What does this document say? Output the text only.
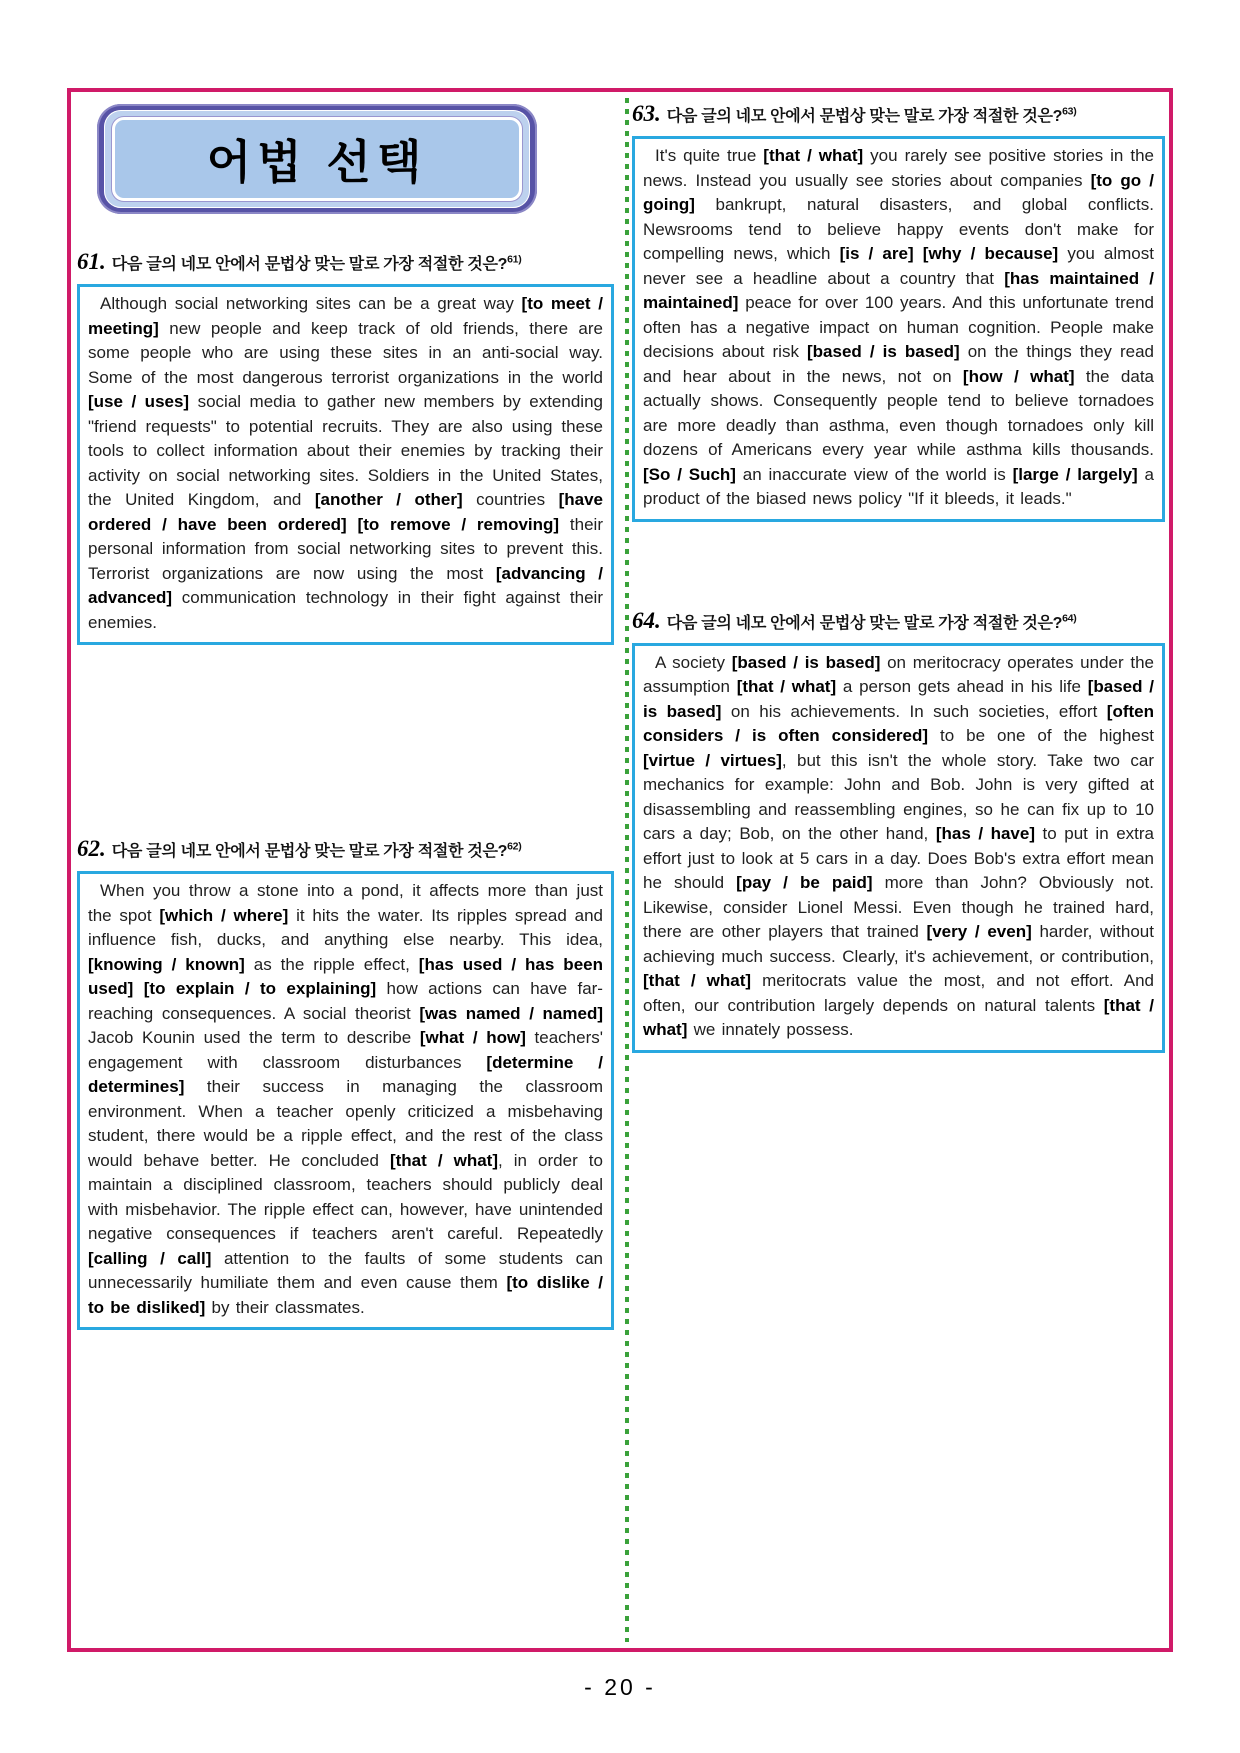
어법 선택
61. 다음 글의 네모 안에서 문법상 맞는 말로 가장 적절한 것은?$^{61)}$

Although social networking sites can be a great way [to meet / meeting] new people and keep track of old friends, there are some people who are using these sites in an anti-social way. Some of the most dangerous terrorist organizations in the world [use / uses] social media to gather new members by extending "friend requests" to potential recruits. They are also using these tools to collect information about their enemies by tracking their activity on social networking sites. Soldiers in the United States, the United Kingdom, and [another / other] countries [have ordered / have been ordered] [to remove / removing] their personal information from social networking sites to prevent this. Terrorist organizations are now using the most [advancing / advanced] communication technology in their fight against their enemies.

62. 다음 글의 네모 안에서 문법상 맞는 말로 가장 적절한 것은?$^{62)}$

When you throw a stone into a pond, it affects more than just the spot [which / where] it hits the water. Its ripples spread and influence fish, ducks, and anything else nearby. This idea, [knowing / known] as the ripple effect, [has used / has been used] [to explain / to explaining] how actions can have far-reaching consequences. A social theorist [was named / named] Jacob Kounin used the term to describe [what / how] teachers' engagement with classroom disturbances [determine / determines] their success in managing the classroom environment. When a teacher openly criticized a misbehaving student, there would be a ripple effect, and the rest of the class would behave better. He concluded [that / what], in order to maintain a disciplined classroom, teachers should publicly deal with misbehavior. The ripple effect can, however, have unintended negative consequences if teachers aren't careful. Repeatedly [calling / call] attention to the faults of some students can unnecessarily humiliate them and even cause them [to dislike / to be disliked] by their classmates.

63. 다음 글의 네모 안에서 문법상 맞는 말로 가장 적절한 것은?$^{63)}$

It's quite true [that / what] you rarely see positive stories in the news. Instead you usually see stories about companies [to go / going] bankrupt, natural disasters, and global conflicts. Newsrooms tend to believe happy events don't make for compelling news, which [is / are] [why / because] you almost never see a headline about a country that [has maintained / maintained] peace for over 100 years. And this unfortunate trend often has a negative impact on human cognition. People make decisions about risk [based / is based] on the things they read and hear about in the news, not on [how / what] the data actually shows. Consequently people tend to believe tornadoes are more deadly than asthma, even though tornadoes only kill dozens of Americans every year while asthma kills thousands. [So / Such] an inaccurate view of the world is [large / largely] a product of the biased news policy "If it bleeds, it leads."

64. 다음 글의 네모 안에서 문법상 맞는 말로 가장 적절한 것은?$^{64)}$

A society [based / is based] on meritocracy operates under the assumption [that / what] a person gets ahead in his life [based / is based] on his achievements. In such societies, effort [often considers / is often considered] to be one of the highest [virtue / virtues], but this isn't the whole story. Take two car mechanics for example: John and Bob. John is very gifted at disassembling and reassembling engines, so he can fix up to 10 cars a day; Bob, on the other hand, [has / have] to put in extra effort just to look at 5 cars in a day. Does Bob's extra effort mean he should [pay / be paid] more than John? Obviously not. Likewise, consider Lionel Messi. Even though he trained hard, there are other players that trained [very / even] harder, without achieving much success. Clearly, it's achievement, or contribution, [that / what] meritocrats value the most, and not effort. And often, our contribution largely depends on natural talents [that / what] we innately possess.

- 20 -
